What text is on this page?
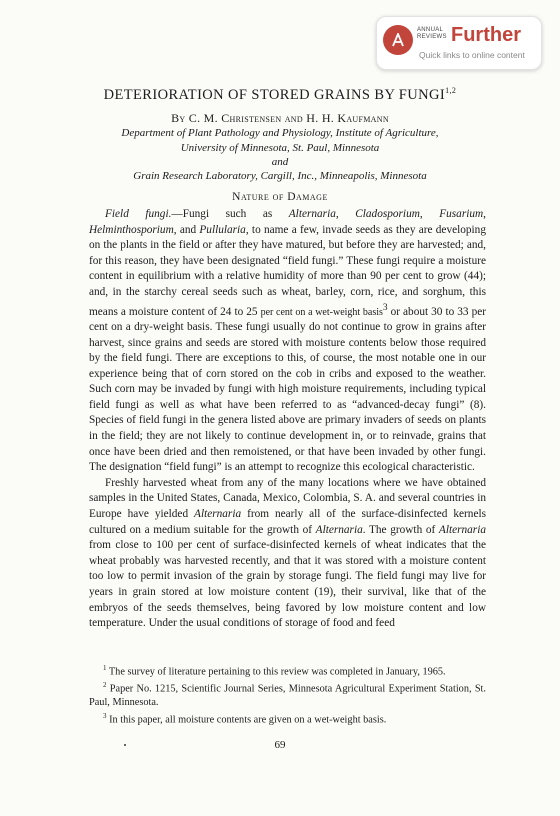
ANNUAL
REVIEWS Further
Quick links to online content
DETERIORATION OF STORED GRAINS BY FUNGI$^{1,2}$
By C. M. Christensen and H. H. Kaufmann
Department of Plant Pathology and Physiology, Institute of Agriculture,
University of Minnesota, St. Paul, Minnesota
and
Grain Research Laboratory, Cargill, Inc., Minneapolis, Minnesota
Nature of Damage

Field fungi.—Fungi such as Alternaria, Cladosporium, Fusarium, Helminthosporium, and Pullularia, to name a few, invade seeds as they are developing on the plants in the field or after they have matured, but before they are harvested; and, for this reason, they have been designated “field fungi.” These fungi require a moisture content in equilibrium with a relative humidity of more than 90 per cent to grow (44); and, in the starchy cereal seeds such as wheat, barley, corn, rice, and sorghum, this means a moisture content of 24 to 25 per cent on a wet-weight basis$^3$ or about 30 to 33 per cent on a dry-weight basis. These fungi usually do not continue to grow in grains after harvest, since grains and seeds are stored with moisture contents below those required by the field fungi. There are exceptions to this, of course, the most notable one in our experience being that of corn stored on the cob in cribs and exposed to the weather. Such corn may be invaded by fungi with high moisture requirements, including typical field fungi as well as what have been referred to as “advanced-decay fungi” (8). Species of field fungi in the genera listed above are primary invaders of seeds on plants in the field; they are not likely to continue development in, or to reinvade, grains that once have been dried and then remoistened, or that have been invaded by other fungi. The designation “field fungi” is an attempt to recognize this ecological characteristic.

Freshly harvested wheat from any of the many locations where we have obtained samples in the United States, Canada, Mexico, Colombia, S. A. and several countries in Europe have yielded Alternaria from nearly all of the surface-disinfected kernels cultured on a medium suitable for the growth of Alternaria. The growth of Alternaria from close to 100 per cent of surface-disinfected kernels of wheat indicates that the wheat probably was harvested recently, and that it was stored with a moisture content too low to permit invasion of the grain by storage fungi. The field fungi may live for years in grain stored at low moisture content (19), their survival, like that of the embryos of the seeds themselves, being favored by low moisture content and low temperature. Under the usual conditions of storage of food and feed

$^1$ The survey of literature pertaining to this review was completed in January, 1965.

$^2$ Paper No. 1215, Scientific Journal Series, Minnesota Agricultural Experiment Station, St. Paul, Minnesota.

$^3$ In this paper, all moisture contents are given on a wet-weight basis.

69
